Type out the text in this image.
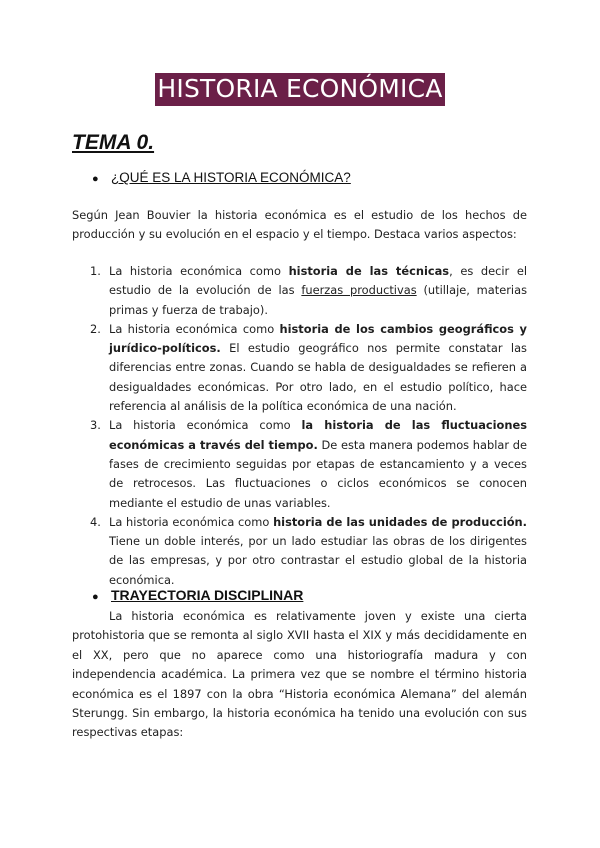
HISTORIA ECONÓMICA
TEMA 0.
● ¿QUÉ ES LA HISTORIA ECONÓMICA?
Según Jean Bouvier la historia económica es el estudio de los hechos de producción y su evolución en el espacio y el tiempo. Destaca varios aspectos:
1. La historia económica como historia de las técnicas, es decir el estudio de la evolución de las fuerzas productivas (utillaje, materias primas y fuerza de trabajo).
2. La historia económica como historia de los cambios geográficos y jurídico-políticos. El estudio geográfico nos permite constatar las diferencias entre zonas. Cuando se habla de desigualdades se refieren a desigualdades económicas. Por otro lado, en el estudio político, hace referencia al análisis de la política económica de una nación.
3. La historia económica como la historia de las fluctuaciones económicas a través del tiempo. De esta manera podemos hablar de fases de crecimiento seguidas por etapas de estancamiento y a veces de retrocesos. Las fluctuaciones o ciclos económicos se conocen mediante el estudio de unas variables.
4. La historia económica como historia de las unidades de producción. Tiene un doble interés, por un lado estudiar las obras de los dirigentes de las empresas, y por otro contrastar el estudio global de la historia económica.
● TRAYECTORIA DISCIPLINAR
La historia económica es relativamente joven y existe una cierta protohistoria que se remonta al siglo XVII hasta el XIX y más decididamente en el XX, pero que no aparece como una historiografía madura y con independencia académica. La primera vez que se nombre el término historia económica es el 1897 con la obra “Historia económica Alemana” del alemán Sterungg. Sin embargo, la historia económica ha tenido una evolución con sus respectivas etapas:
